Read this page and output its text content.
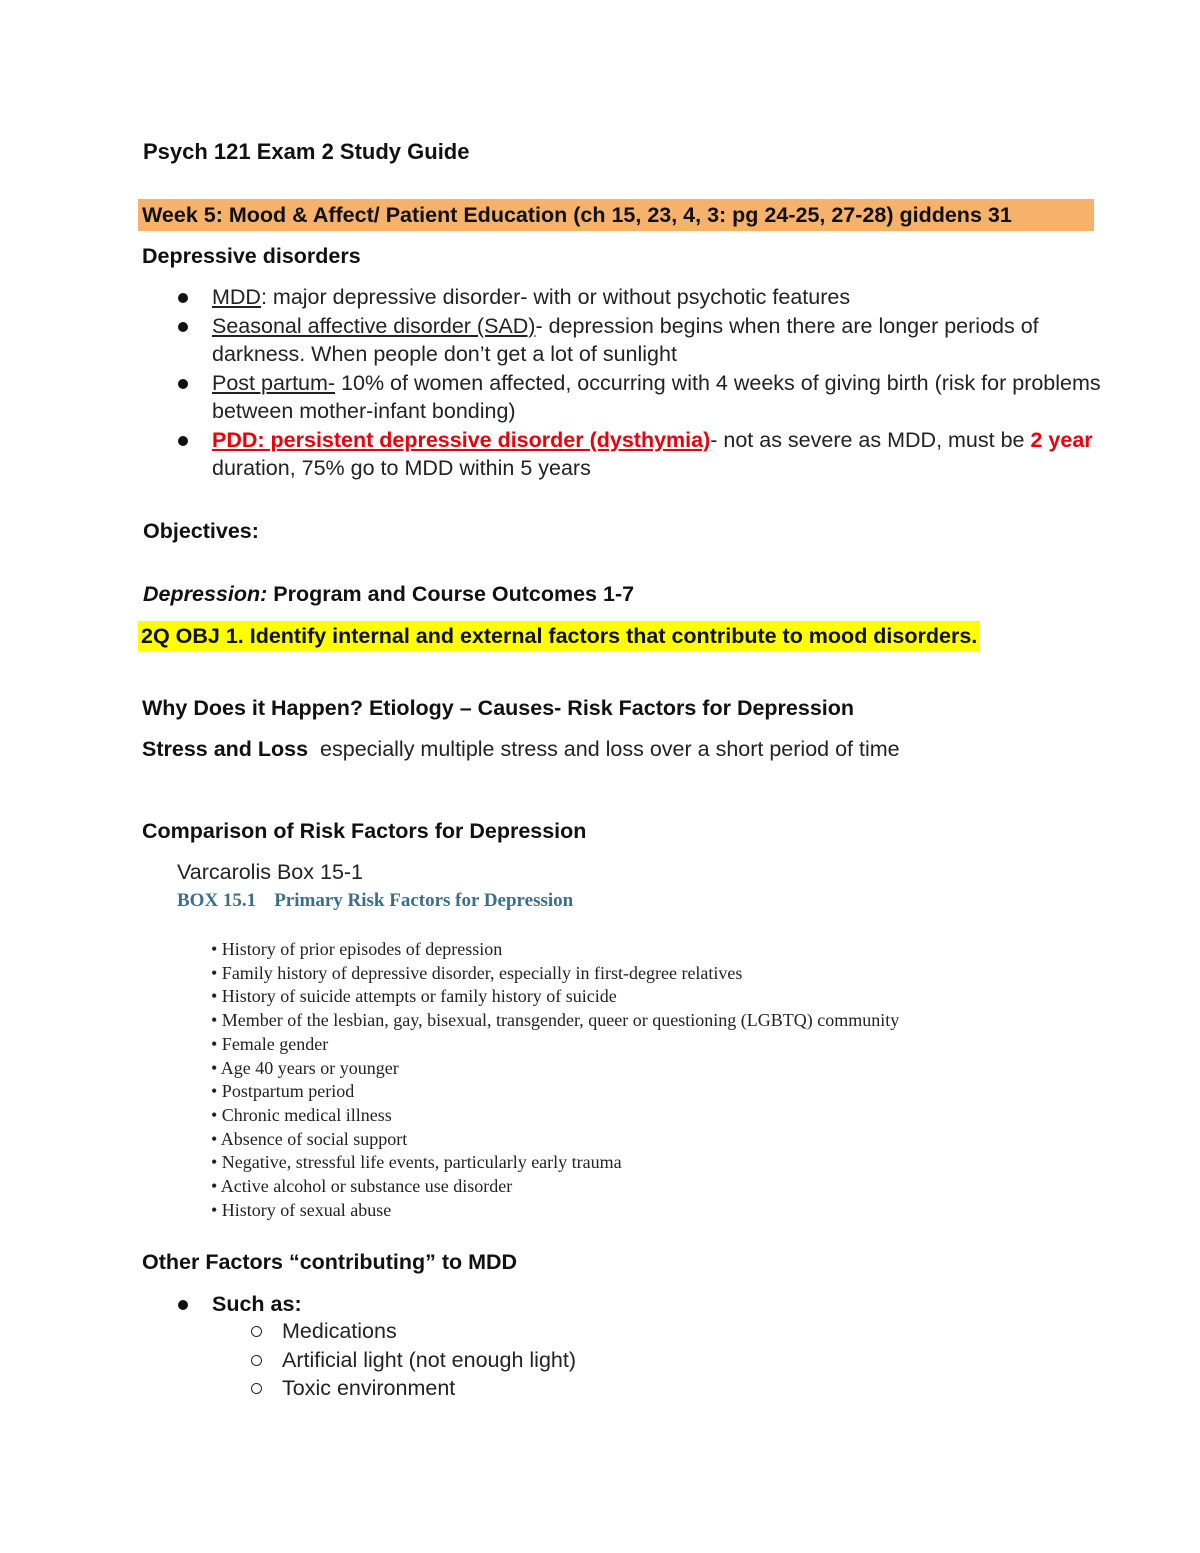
Psych 121 Exam 2 Study Guide
Week 5: Mood & Affect/ Patient Education (ch 15, 23, 4, 3: pg 24-25, 27-28) giddens 31
Depressive disorders
MDD: major depressive disorder- with or without psychotic features
Seasonal affective disorder (SAD)- depression begins when there are longer periods of darkness. When people don’t get a lot of sunlight
Post partum- 10% of women affected, occurring with 4 weeks of giving birth (risk for problems between mother-infant bonding)
PDD: persistent depressive disorder (dysthymia)- not as severe as MDD, must be 2 year duration, 75% go to MDD within 5 years
Objectives:
Depression: Program and Course Outcomes 1-7
2Q OBJ 1. Identify internal and external factors that contribute to mood disorders.
Why Does it Happen? Etiology – Causes- Risk Factors for Depression
Stress and Loss  especially multiple stress and loss over a short period of time
Comparison of Risk Factors for Depression
Varcarolis Box 15-1
BOX 15.1 Primary Risk Factors for Depression
• History of prior episodes of depression
• Family history of depressive disorder, especially in first-degree relatives
• History of suicide attempts or family history of suicide
• Member of the lesbian, gay, bisexual, transgender, queer or questioning (LGBTQ) community
• Female gender
• Age 40 years or younger
• Postpartum period
• Chronic medical illness
• Absence of social support
• Negative, stressful life events, particularly early trauma
• Active alcohol or substance use disorder
• History of sexual abuse
Other Factors “contributing” to MDD
Such as:
Medications
Artificial light (not enough light)
Toxic environment
